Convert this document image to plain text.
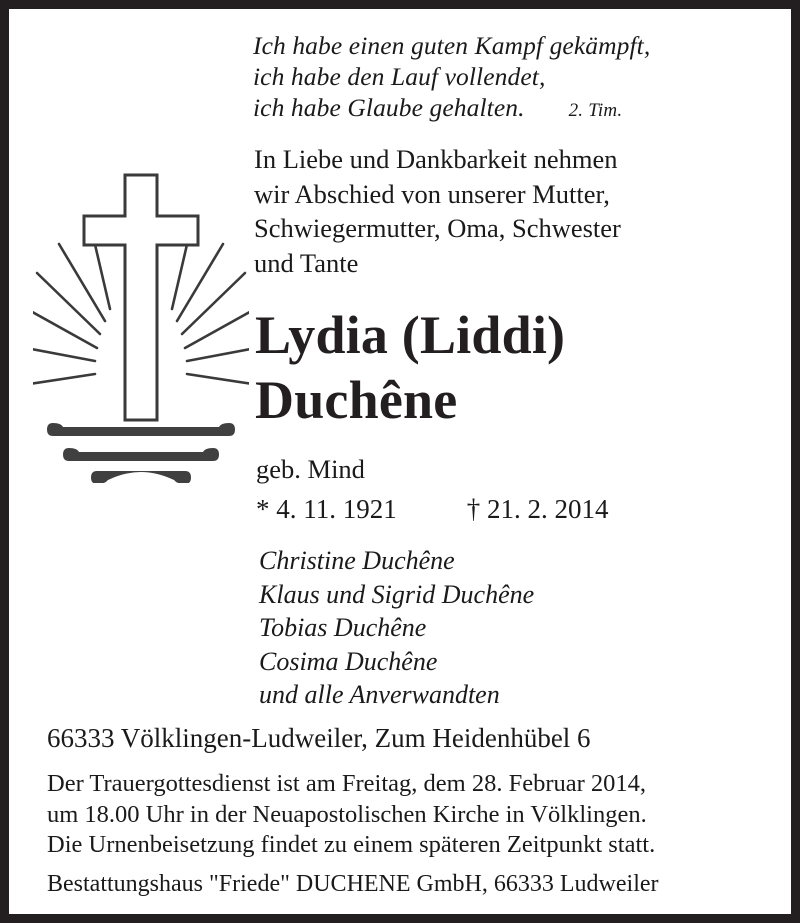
Ich habe einen guten Kampf gekämpft,
ich habe den Lauf vollendet,
ich habe Glaube gehalten. 2. Tim.
In Liebe und Dankbarkeit nehmen
wir Abschied von unserer Mutter,
Schwiegermutter, Oma, Schwester
und Tante
Lydia (Liddi)
Duchêne
geb. Mind
* 4. 11. 1921	† 21. 2. 2014
Christine Duchêne
Klaus und Sigrid Duchêne
Tobias Duchêne
Cosima Duchêne
und alle Anverwandten
66333 Völklingen-Ludweiler, Zum Heidenhübel 6
Der Trauergottesdienst ist am Freitag, dem 28. Februar 2014,
um 18.00 Uhr in der Neuapostolischen Kirche in Völklingen.
Die Urnenbeisetzung findet zu einem späteren Zeitpunkt statt.
Bestattungshaus "Friede" DUCHENE GmbH, 66333 Ludweiler
